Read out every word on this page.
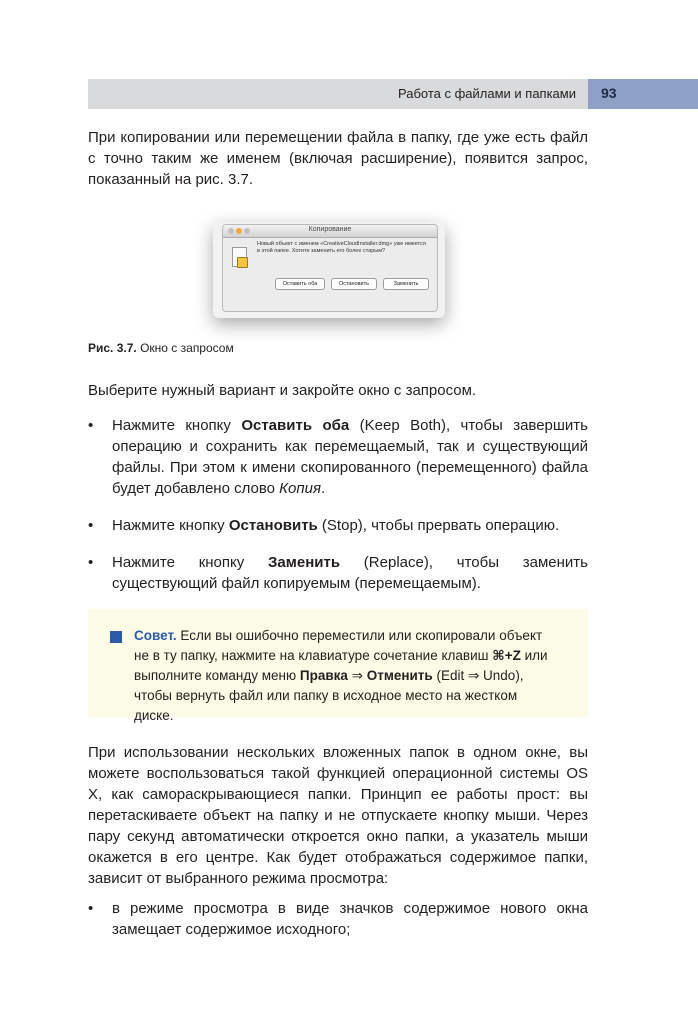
Работа с файлами и папками 93

При копировании или перемещении файла в папку, где уже есть файл с точно таким же именем (включая расширение), появится запрос, показанный на рис. 3.7.

Копирование
Новый объект с именем «CreativeCloudInstaller.dmg» уже имеется в этой папке. Хотите заменить его более старым?
Оставить оба	Остановить	Заменить
Рис. 3.7. Окно с запросом

Выберите нужный вариант и закройте окно с запросом.

• Нажмите кнопку Оставить оба (Keep Both), чтобы завершить операцию и сохранить как перемещаемый, так и существующий файлы. При этом к имени скопированного (перемещенного) файла будет добавлено слово Копия.
• Нажмите кнопку Остановить (Stop), чтобы прервать операцию.
• Нажмите кнопку Заменить (Replace), чтобы заменить существующий файл копируемым (перемещаемым).

Совет. Если вы ошибочно переместили или скопировали объект не в ту папку, нажмите на клавиатуре сочетание клавиш ⌘+Z или выполните команду меню Правка ⇒ Отменить (Edit ⇒ Undo), чтобы вернуть файл или папку в исходное место на жестком диске.

При использовании нескольких вложенных папок в одном окне, вы можете воспользоваться такой функцией операционной системы OS X, как самораскрывающиеся папки. Принцип ее работы прост: вы перетаскиваете объект на папку и не отпускаете кнопку мыши. Через пару секунд автоматически откроется окно папки, а указатель мыши окажется в его центре. Как будет отображаться содержимое папки, зависит от выбранного режима просмотра:

• в режиме просмотра в виде значков содержимое нового окна замещает содержимое исходного;
